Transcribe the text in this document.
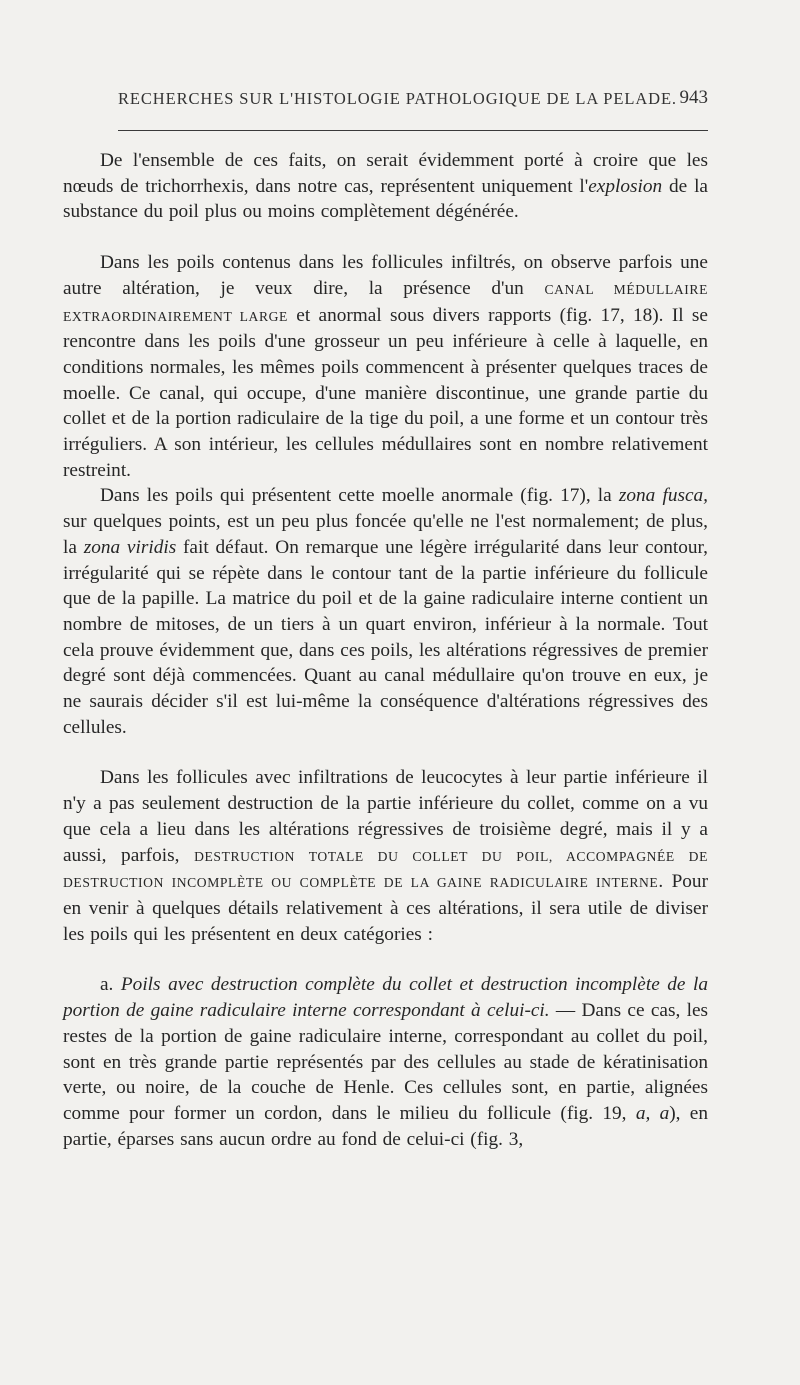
RECHERCHES SUR L'HISTOLOGIE PATHOLOGIQUE DE LA PELADE. 943

De l'ensemble de ces faits, on serait évidemment porté à croire que les nœuds de trichorrhexis, dans notre cas, représentent uniquement l'explosion de la substance du poil plus ou moins complètement dégénérée.

Dans les poils contenus dans les follicules infiltrés, on observe parfois une autre altération, je veux dire, la présence d'un CANAL MÉDULLAIRE EXTRAORDINAIREMENT LARGE et anormal sous divers rapports (fig. 17, 18). Il se rencontre dans les poils d'une grosseur un peu inférieure à celle à laquelle, en conditions normales, les mêmes poils commencent à présenter quelques traces de moelle. Ce canal, qui occupe, d'une manière discontinue, une grande partie du collet et de la portion radiculaire de la tige du poil, a une forme et un contour très irréguliers. A son intérieur, les cellules médullaires sont en nombre relativement restreint.

Dans les poils qui présentent cette moelle anormale (fig. 17), la zona fusca, sur quelques points, est un peu plus foncée qu'elle ne l'est normalement; de plus, la zona viridis fait défaut. On remarque une légère irrégularité dans leur contour, irrégularité qui se répète dans le contour tant de la partie inférieure du follicule que de la papille. La matrice du poil et de la gaine radiculaire interne contient un nombre de mitoses, de un tiers à un quart environ, inférieur à la normale. Tout cela prouve évidemment que, dans ces poils, les altérations régressives de premier degré sont déjà commencées. Quant au canal médullaire qu'on trouve en eux, je ne saurais décider s'il est lui-même la conséquence d'altérations régressives des cellules.

Dans les follicules avec infiltrations de leucocytes à leur partie inférieure il n'y a pas seulement destruction de la partie inférieure du collet, comme on a vu que cela a lieu dans les altérations régressives de troisième degré, mais il y a aussi, parfois, DESTRUCTION TOTALE DU COLLET DU POIL, ACCOMPAGNÉE DE DESTRUCTION INCOMPLÈTE OU COMPLÈTE DE LA GAINE RADICULAIRE INTERNE. Pour en venir à quelques détails relativement à ces altérations, il sera utile de diviser les poils qui les présentent en deux catégories :

a. Poils avec destruction complète du collet et destruction incomplète de la portion de gaine radiculaire interne correspondant à celui-ci. — Dans ce cas, les restes de la portion de gaine radiculaire interne, correspondant au collet du poil, sont en très grande partie représentés par des cellules au stade de kératinisation verte, ou noire, de la couche de Henle. Ces cellules sont, en partie, alignées comme pour former un cordon, dans le milieu du follicule (fig. 19, a, a), en partie, éparses sans aucun ordre au fond de celui-ci (fig. 3,
